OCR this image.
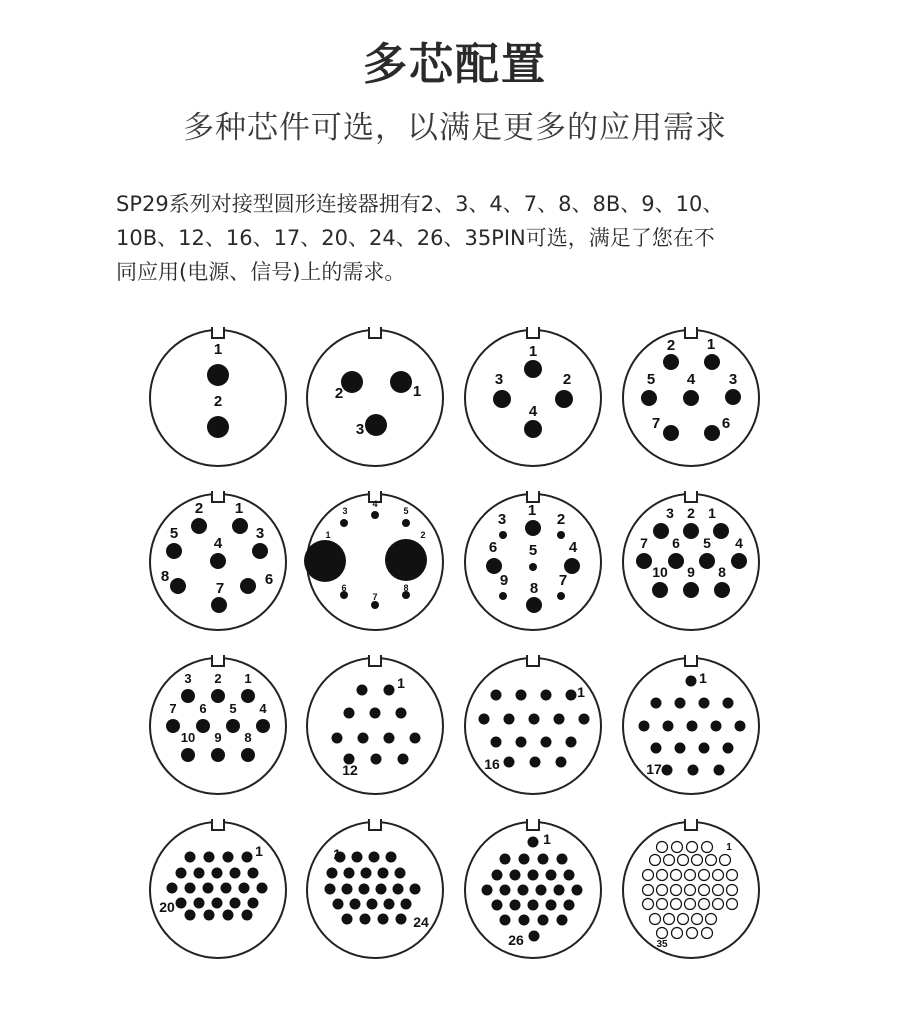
多芯配置
多种芯件可选，以满足更多的应用需求
SP29系列对接型圆形连接器拥有2、3、4、7、8、8B、9、10、
10B、12、16、17、20、24、26、35PIN可选，满足了您在不
同应用(电源、信号)上的需求。
1
2
1
2
3
1
2
3
4
1
2
3
4
5
6
7
1
2
3
4
5
6
7
8
1	2
3
4
5
6
7
8
1
2
3
4
5
6
7
8
9
1
2
3
4
5
6
7
8
9
10
1
2
3
4
5
6
7
8
9
10
1
12
1
16
1
17
1
20
1
24
1
26
1
35
